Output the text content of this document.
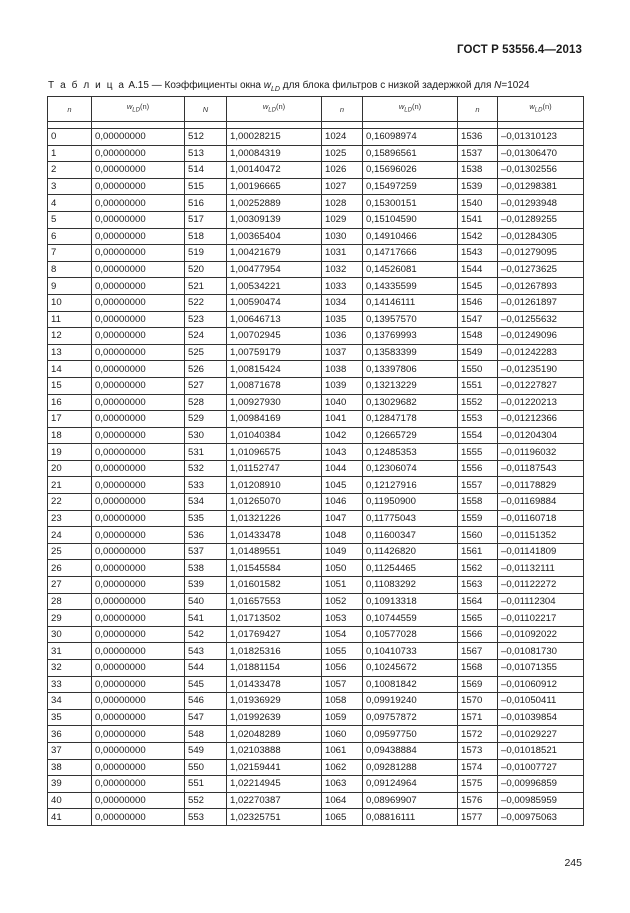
ГОСТ Р 53556.4—2013
Т а б л и ц а А.15 — Коэффициенты окна $w_{LD}$ для блока фильтров с низкой задержкой для N=1024
n	$w_{LD}(n)$	N	$w_{LD}(n)$	n	$w_{LD}(n)$	n	$w_{LD}(n)$

0	0,00000000	512	1,00028215	1024	0,16098974	1536	–0,01310123
1	0,00000000	513	1,00084319	1025	0,15896561	1537	–0,01306470
2	0,00000000	514	1,00140472	1026	0,15696026	1538	–0,01302556
3	0,00000000	515	1,00196665	1027	0,15497259	1539	–0,01298381
4	0,00000000	516	1,00252889	1028	0,15300151	1540	–0,01293948
5	0,00000000	517	1,00309139	1029	0,15104590	1541	–0,01289255
6	0,00000000	518	1,00365404	1030	0,14910466	1542	–0,01284305
7	0,00000000	519	1,00421679	1031	0,14717666	1543	–0,01279095
8	0,00000000	520	1,00477954	1032	0,14526081	1544	–0,01273625
9	0,00000000	521	1,00534221	1033	0,14335599	1545	–0,01267893
10	0,00000000	522	1,00590474	1034	0,14146111	1546	–0,01261897
11	0,00000000	523	1,00646713	1035	0,13957570	1547	–0,01255632
12	0,00000000	524	1,00702945	1036	0,13769993	1548	–0,01249096
13	0,00000000	525	1,00759179	1037	0,13583399	1549	–0,01242283
14	0,00000000	526	1,00815424	1038	0,13397806	1550	–0,01235190
15	0,00000000	527	1,00871678	1039	0,13213229	1551	–0,01227827
16	0,00000000	528	1,00927930	1040	0,13029682	1552	–0,01220213
17	0,00000000	529	1,00984169	1041	0,12847178	1553	–0,01212366
18	0,00000000	530	1,01040384	1042	0,12665729	1554	–0,01204304
19	0,00000000	531	1,01096575	1043	0,12485353	1555	–0,01196032
20	0,00000000	532	1,01152747	1044	0,12306074	1556	–0,01187543
21	0,00000000	533	1,01208910	1045	0,12127916	1557	–0,01178829
22	0,00000000	534	1,01265070	1046	0,11950900	1558	–0,01169884
23	0,00000000	535	1,01321226	1047	0,11775043	1559	–0,01160718
24	0,00000000	536	1,01433478	1048	0,11600347	1560	–0,01151352
25	0,00000000	537	1,01489551	1049	0,11426820	1561	–0,01141809
26	0,00000000	538	1,01545584	1050	0,11254465	1562	–0,01132111
27	0,00000000	539	1,01601582	1051	0,11083292	1563	–0,01122272
28	0,00000000	540	1,01657553	1052	0,10913318	1564	–0,01112304
29	0,00000000	541	1,01713502	1053	0,10744559	1565	–0,01102217
30	0,00000000	542	1,01769427	1054	0,10577028	1566	–0,01092022
31	0,00000000	543	1,01825316	1055	0,10410733	1567	–0,01081730
32	0,00000000	544	1,01881154	1056	0,10245672	1568	–0,01071355
33	0,00000000	545	1,01433478	1057	0,10081842	1569	–0,01060912
34	0,00000000	546	1,01936929	1058	0,09919240	1570	–0,01050411
35	0,00000000	547	1,01992639	1059	0,09757872	1571	–0,01039854
36	0,00000000	548	1,02048289	1060	0,09597750	1572	–0,01029227
37	0,00000000	549	1,02103888	1061	0,09438884	1573	–0,01018521
38	0,00000000	550	1,02159441	1062	0,09281288	1574	–0,01007727
39	0,00000000	551	1,02214945	1063	0,09124964	1575	–0,00996859
40	0,00000000	552	1,02270387	1064	0,08969907	1576	–0,00985959
41	0,00000000	553	1,02325751	1065	0,08816111	1577	–0,00975063
245
